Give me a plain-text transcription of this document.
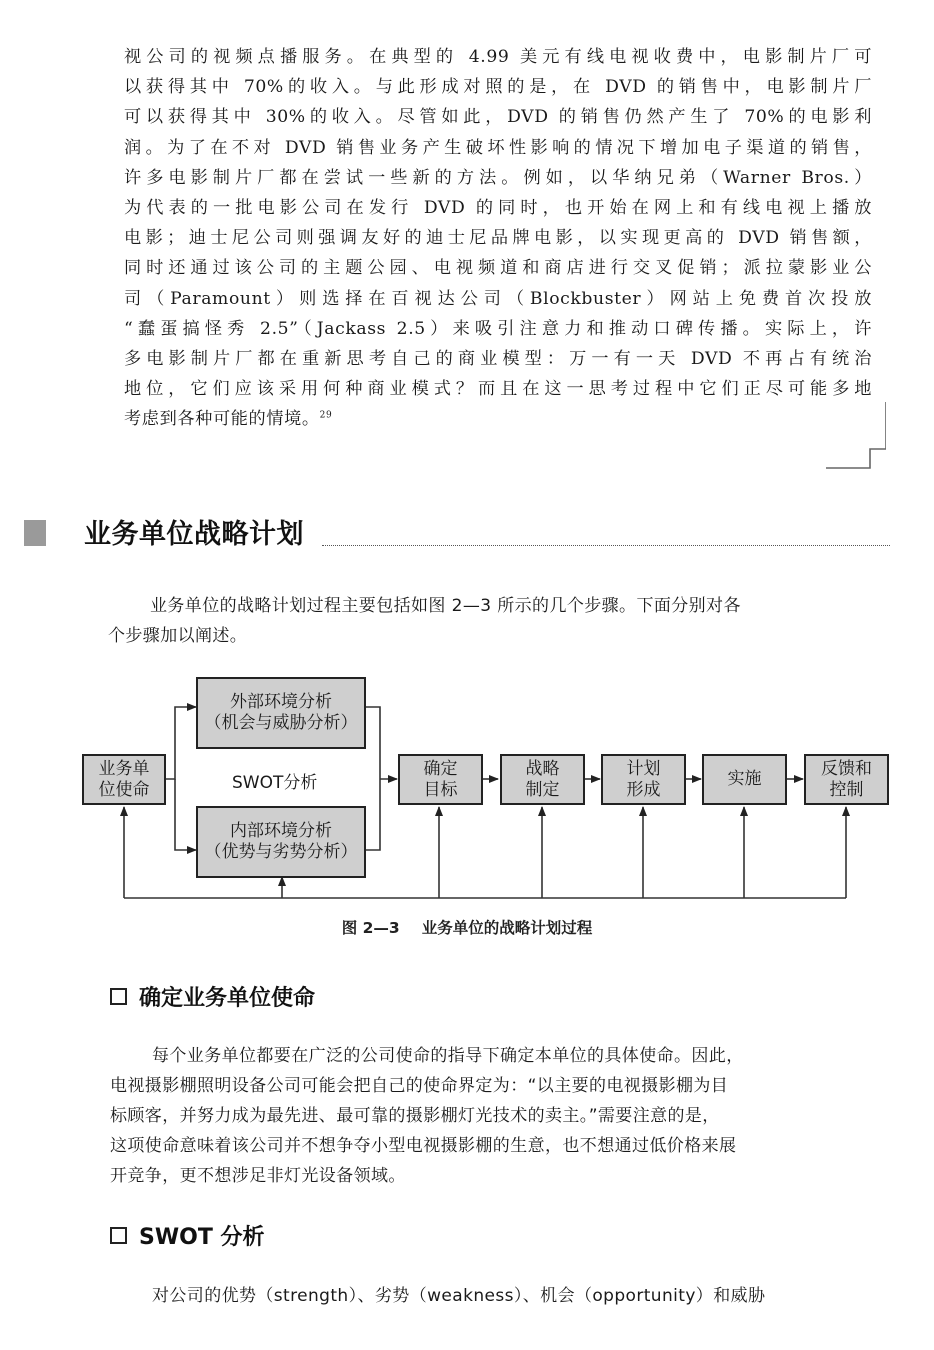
视公司的视频点播服务。在典型的 4.99 美元有线电视收费中，电影制片厂可
以获得其中 70%的收入。与此形成对照的是，在 DVD 的销售中，电影制片厂
可以获得其中 30%的收入。尽管如此，DVD 的销售仍然产生了 70%的电影利
润。为了在不对 DVD 销售业务产生破坏性影响的情况下增加电子渠道的销售，
许多电影制片厂都在尝试一些新的方法。例如，以华纳兄弟（Warner Bros.）
为代表的一批电影公司在发行 DVD 的同时，也开始在网上和有线电视上播放
电影；迪士尼公司则强调友好的迪士尼品牌电影，以实现更高的 DVD 销售额，
同时还通过该公司的主题公园、电视频道和商店进行交叉促销；派拉蒙影业公
司（Paramount）则选择在百视达公司（Blockbuster）网站上免费首次投放
“蠢蛋搞怪秀 2.5”（Jackass 2.5）来吸引注意力和推动口碑传播。实际上，许
多电影制片厂都在重新思考自己的商业模型：万一有一天 DVD 不再占有统治
地位，它们应该采用何种商业模式？而且在这一思考过程中它们正尽可能多地
考虑到各种可能的情境。$^{29}$
业务单位战略计划
业务单位的战略计划过程主要包括如图 2—3 所示的几个步骤。下面分别对各
个步骤加以阐述。
业务单
位使命
外部环境分析
（机会与威胁分析）
SWOT分析
内部环境分析
（优势与劣势分析）
确定
目标
战略
制定
计划
形成
实施
反馈和
控制
图 2—3 业务单位的战略计划过程
确定业务单位使命
每个业务单位都要在广泛的公司使命的指导下确定本单位的具体使命。因此，
电视摄影棚照明设备公司可能会把自己的使命界定为：“以主要的电视摄影棚为目
标顾客，并努力成为最先进、最可靠的摄影棚灯光技术的卖主。”需要注意的是，
这项使命意味着该公司并不想争夺小型电视摄影棚的生意，也不想通过低价格来展
开竞争，更不想涉足非灯光设备领域。
SWOT 分析
对公司的优势（strength）、劣势（weakness）、机会（opportunity）和威胁
